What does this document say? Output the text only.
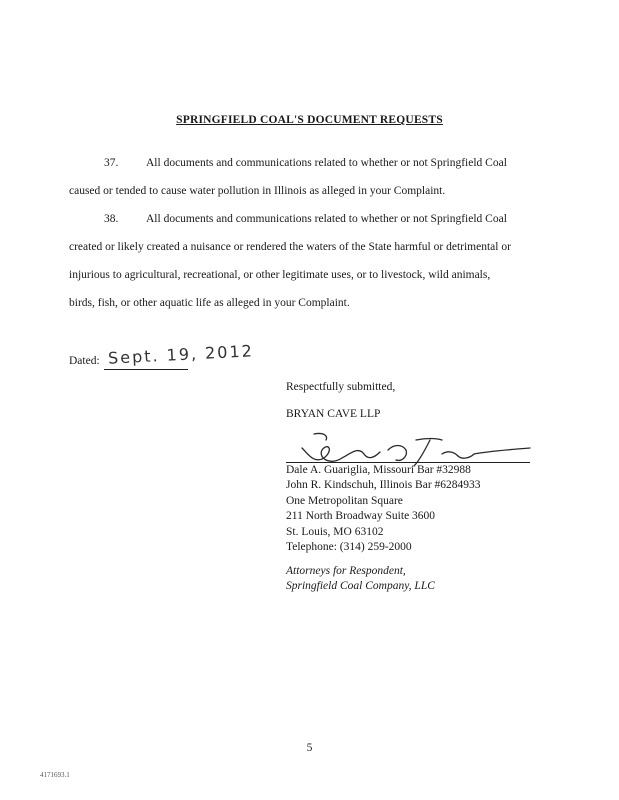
SPRINGFIELD COAL'S DOCUMENT REQUESTS
37. All documents and communications related to whether or not Springfield Coal
caused or tended to cause water pollution in Illinois as alleged in your Complaint.
38. All documents and communications related to whether or not Springfield Coal
created or likely created a nuisance or rendered the waters of the State harmful or detrimental or
injurious to agricultural, recreational, or other legitimate uses, or to livestock, wild animals,
birds, fish, or other aquatic life as alleged in your Complaint.
Dated: Sept. 19, 2012
Respectfully submitted,
BRYAN CAVE LLP
Dale A. Guariglia, Missouri Bar #32988
John R. Kindschuh, Illinois Bar #6284933
One Metropolitan Square
211 North Broadway Suite 3600
St. Louis, MO 63102
Telephone: (314) 259-2000
Attorneys for Respondent,
Springfield Coal Company, LLC
5
4171693.1
